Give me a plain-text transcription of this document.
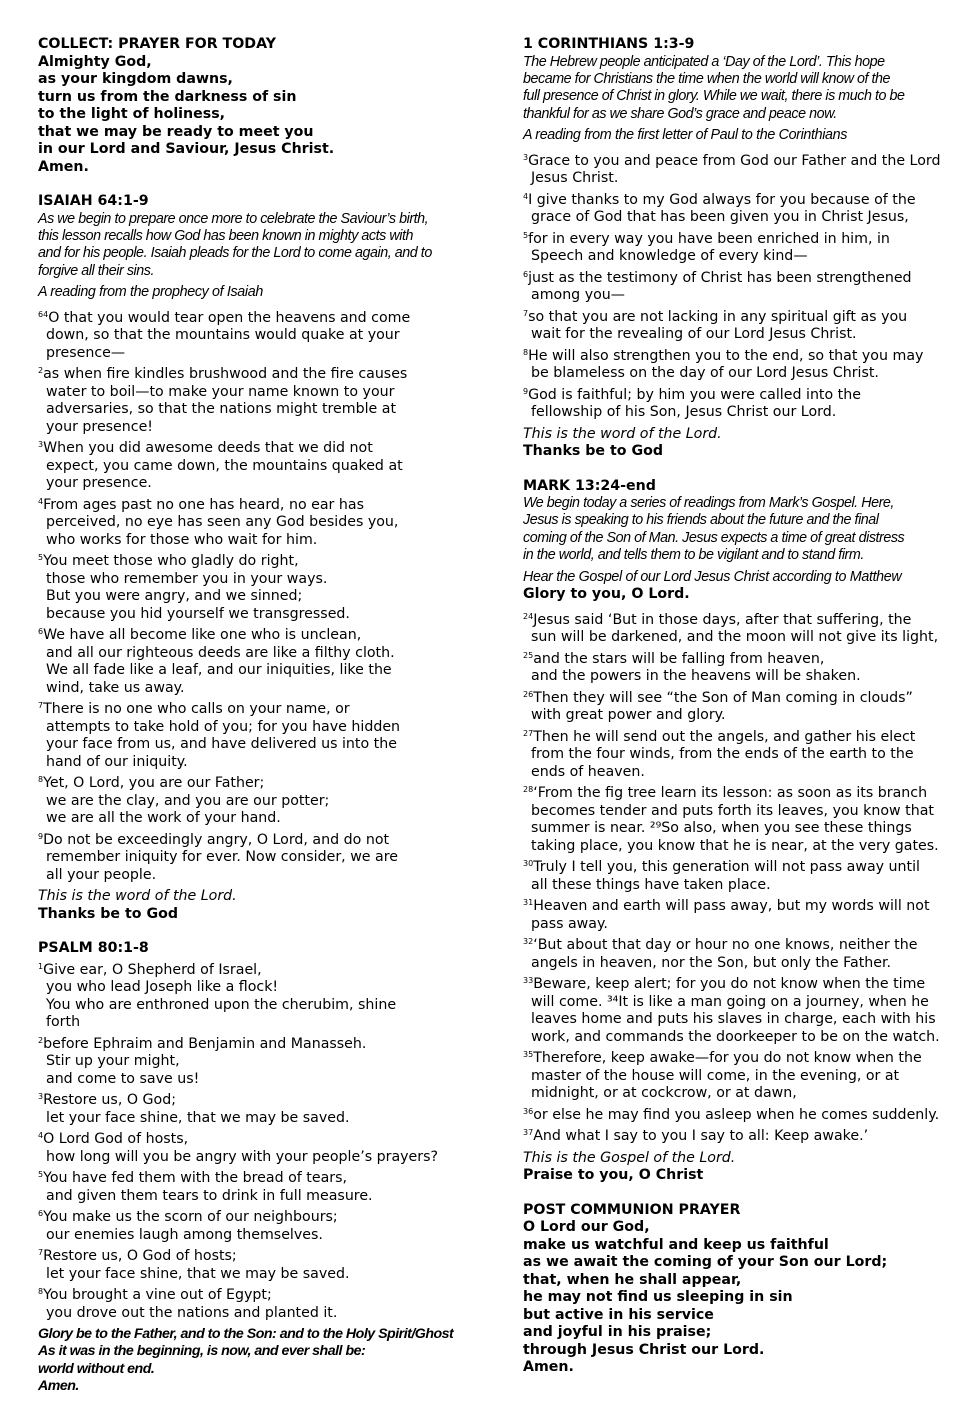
COLLECT: PRAYER FOR TODAY
Almighty God,
as your kingdom dawns,
turn us from the darkness of sin
to the light of holiness,
that we may be ready to meet you
in our Lord and Saviour, Jesus Christ.
Amen.
ISAIAH 64:1-9
As we begin to prepare once more to celebrate the Saviour’s birth,
this lesson recalls how God has been known in mighty acts with
and for his people. Isaiah pleads for the Lord to come again, and to
forgive all their sins.
A reading from the prophecy of Isaiah
$^{64}$O that you would tear open the heavens and come
down, so that the mountains would quake at your
presence—
$^2$as when fire kindles brushwood and the fire causes
water to boil—to make your name known to your
adversaries, so that the nations might tremble at
your presence!
$^3$When you did awesome deeds that we did not
expect, you came down, the mountains quaked at
your presence.
$^4$From ages past no one has heard, no ear has
perceived, no eye has seen any God besides you,
who works for those who wait for him.
$^5$You meet those who gladly do right,
those who remember you in your ways.
But you were angry, and we sinned;
because you hid yourself we transgressed.
$^6$We have all become like one who is unclean,
and all our righteous deeds are like a filthy cloth.
We all fade like a leaf, and our iniquities, like the
wind, take us away.
$^7$There is no one who calls on your name, or
attempts to take hold of you; for you have hidden
your face from us, and have delivered us into the
hand of our iniquity.
$^8$Yet, O Lord, you are our Father;
we are the clay, and you are our potter;
we are all the work of your hand.
$^9$Do not be exceedingly angry, O Lord, and do not
remember iniquity for ever. Now consider, we are
all your people.
This is the word of the Lord.
Thanks be to God
PSALM 80:1-8
$^1$Give ear, O Shepherd of Israel,
you who lead Joseph like a flock!
You who are enthroned upon the cherubim, shine
forth
$^2$before Ephraim and Benjamin and Manasseh.
Stir up your might,
and come to save us!
$^3$Restore us, O God;
let your face shine, that we may be saved.
$^4$O Lord God of hosts,
how long will you be angry with your people’s prayers?
$^5$You have fed them with the bread of tears,
and given them tears to drink in full measure.
$^6$You make us the scorn of our neighbours;
our enemies laugh among themselves.
$^7$Restore us, O God of hosts;
let your face shine, that we may be saved.
$^8$You brought a vine out of Egypt;
you drove out the nations and planted it.
Glory be to the Father, and to the Son: and to the Holy Spirit/Ghost
As it was in the beginning, is now, and ever shall be:
world without end.
Amen.
1 CORINTHIANS 1:3-9
The Hebrew people anticipated a ‘Day of the Lord’. This hope
became for Christians the time when the world will know of the
full presence of Christ in glory. While we wait, there is much to be
thankful for as we share God’s grace and peace now.
A reading from the first letter of Paul to the Corinthians
$^3$Grace to you and peace from God our Father and the Lord
Jesus Christ.
$^4$I give thanks to my God always for you because of the
grace of God that has been given you in Christ Jesus,
$^5$for in every way you have been enriched in him, in
Speech and knowledge of every kind—
$^6$just as the testimony of Christ has been strengthened
among you—
$^7$so that you are not lacking in any spiritual gift as you
wait for the revealing of our Lord Jesus Christ.
$^8$He will also strengthen you to the end, so that you may
be blameless on the day of our Lord Jesus Christ.
$^9$God is faithful; by him you were called into the
fellowship of his Son, Jesus Christ our Lord.
This is the word of the Lord.
Thanks be to God
MARK 13:24-end
We begin today a series of readings from Mark’s Gospel. Here,
Jesus is speaking to his friends about the future and the final
coming of the Son of Man. Jesus expects a time of great distress
in the world, and tells them to be vigilant and to stand firm.
Hear the Gospel of our Lord Jesus Christ according to Matthew
Glory to you, O Lord.
$^{24}$Jesus said ‘But in those days, after that suffering, the
sun will be darkened, and the moon will not give its light,
$^{25}$and the stars will be falling from heaven,
and the powers in the heavens will be shaken.
$^{26}$Then they will see “the Son of Man coming in clouds”
with great power and glory.
$^{27}$Then he will send out the angels, and gather his elect
from the four winds, from the ends of the earth to the
ends of heaven.
$^{28}$‘From the fig tree learn its lesson: as soon as its branch
becomes tender and puts forth its leaves, you know that
summer is near. ²⁹So also, when you see these things
taking place, you know that he is near, at the very gates.
$^{30}$Truly I tell you, this generation will not pass away until
all these things have taken place.
$^{31}$Heaven and earth will pass away, but my words will not
pass away.
$^{32}$‘But about that day or hour no one knows, neither the
angels in heaven, nor the Son, but only the Father.
$^{33}$Beware, keep alert; for you do not know when the time
will come. ³⁴It is like a man going on a journey, when he
leaves home and puts his slaves in charge, each with his
work, and commands the doorkeeper to be on the watch.
$^{35}$Therefore, keep awake—for you do not know when the
master of the house will come, in the evening, or at
midnight, or at cockcrow, or at dawn,
$^{36}$or else he may find you asleep when he comes suddenly.
$^{37}$And what I say to you I say to all: Keep awake.’
This is the Gospel of the Lord.
Praise to you, O Christ
POST COMMUNION PRAYER
O Lord our God,
make us watchful and keep us faithful
as we await the coming of your Son our Lord;
that, when he shall appear,
he may not find us sleeping in sin
but active in his service
and joyful in his praise;
through Jesus Christ our Lord.
Amen.
